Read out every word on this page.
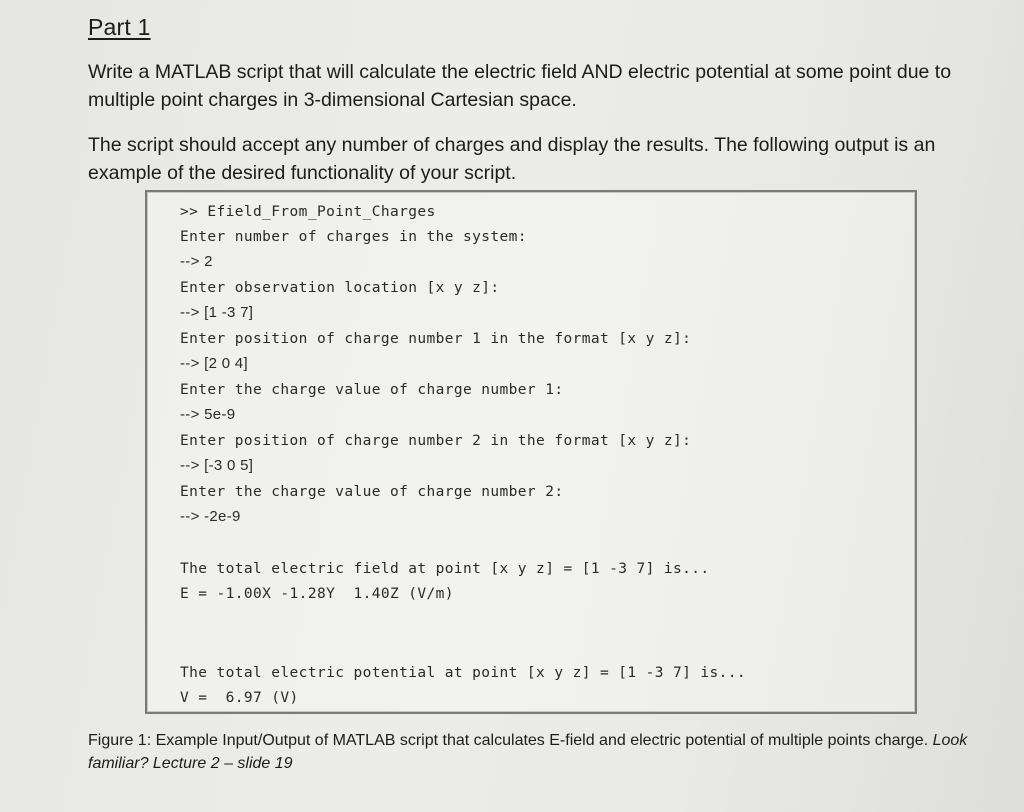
Part 1
Write a MATLAB script that will calculate the electric field AND electric potential at some point due to multiple point charges in 3-dimensional Cartesian space.
The script should accept any number of charges and display the results. The following output is an example of the desired functionality of your script.
>> Efield_From_Point_Charges
Enter number of charges in the system:
--> 2
Enter observation location [x y z]:
--> [1 -3 7]
Enter position of charge number 1 in the format [x y z]:
--> [2 0 4]
Enter the charge value of charge number 1:
--> 5e-9
Enter position of charge number 2 in the format [x y z]:
--> [-3 0 5]
Enter the charge value of charge number 2:
--> -2e-9
The total electric field at point [x y z] = [1 -3 7] is...
E = -1.00X -1.28Y  1.40Z (V/m)
The total electric potential at point [x y z] = [1 -3 7] is...
V =  6.97 (V)
Figure 1: Example Input/Output of MATLAB script that calculates E-field and electric potential of multiple points charge. Look familiar? Lecture 2 – slide 19
